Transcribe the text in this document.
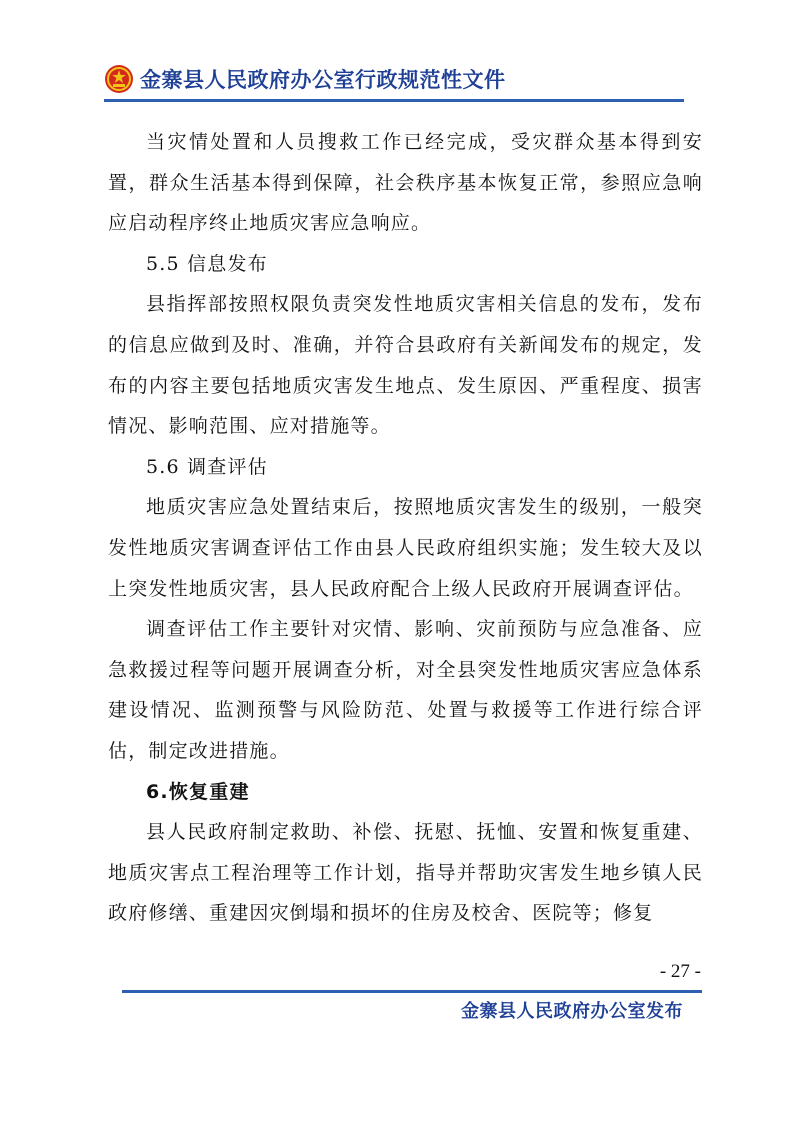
金寨县人民政府办公室行政规范性文件

当灾情处置和人员搜救工作已经完成，受灾群众基本得到安置，群众生活基本得到保障，社会秩序基本恢复正常，参照应急响应启动程序终止地质灾害应急响应。

5.5 信息发布

县指挥部按照权限负责突发性地质灾害相关信息的发布，发布的信息应做到及时、准确，并符合县政府有关新闻发布的规定，发布的内容主要包括地质灾害发生地点、发生原因、严重程度、损害情况、影响范围、应对措施等。

5.6 调查评估

地质灾害应急处置结束后，按照地质灾害发生的级别，一般突发性地质灾害调查评估工作由县人民政府组织实施；发生较大及以上突发性地质灾害，县人民政府配合上级人民政府开展调查评估。

调查评估工作主要针对灾情、影响、灾前预防与应急准备、应急救援过程等问题开展调查分析，对全县突发性地质灾害应急体系建设情况、监测预警与风险防范、处置与救援等工作进行综合评估，制定改进措施。

6.恢复重建

县人民政府制定救助、补偿、抚慰、抚恤、安置和恢复重建、地质灾害点工程治理等工作计划，指导并帮助灾害发生地乡镇人民政府修缮、重建因灾倒塌和损坏的住房及校舍、医院等；修复

- 27 -
金寨县人民政府办公室发布
